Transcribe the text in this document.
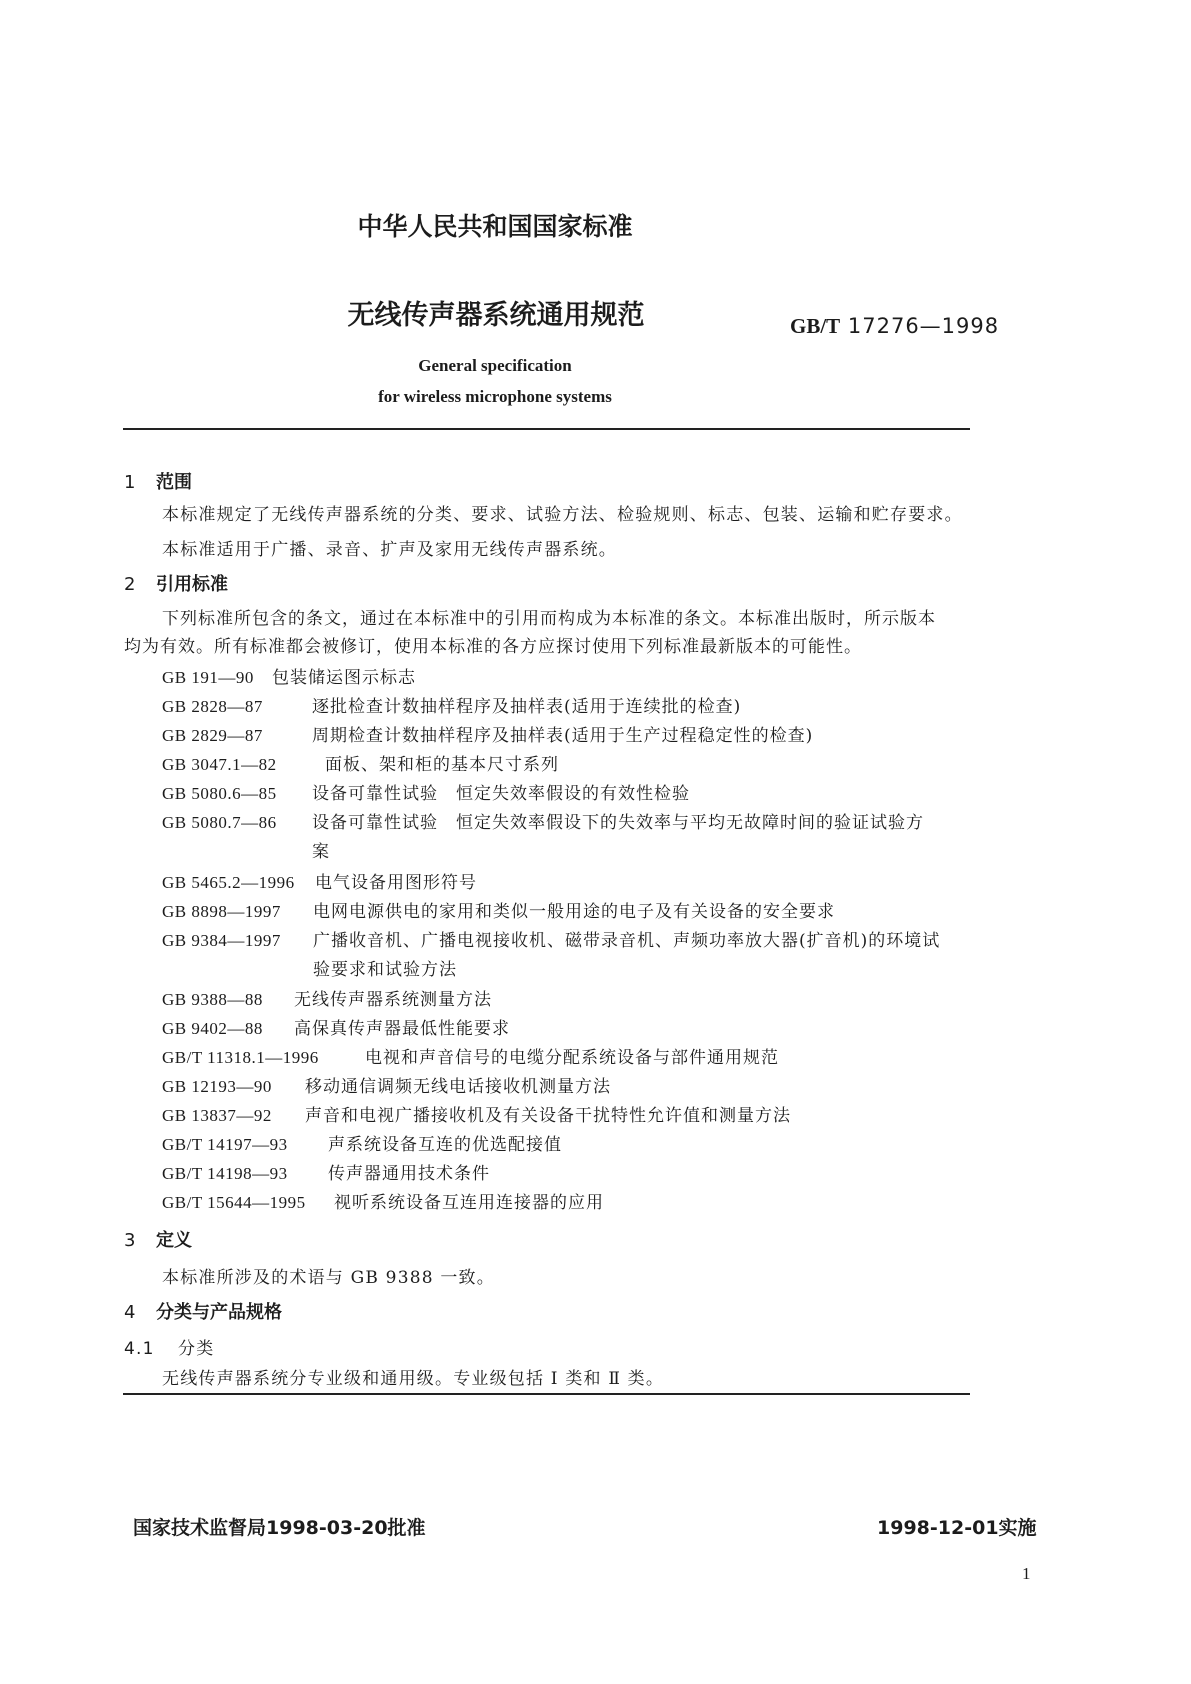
中华人民共和国国家标准
无线传声器系统通用规范	GB/T 17276—1998
General specification
for wireless microphone systems
1 范围
本标准规定了无线传声器系统的分类、要求、试验方法、检验规则、标志、包装、运输和贮存要求。
本标准适用于广播、录音、扩声及家用无线传声器系统。
2 引用标准
下列标准所包含的条文，通过在本标准中的引用而构成为本标准的条文。本标准出版时，所示版本
均为有效。所有标准都会被修订，使用本标准的各方应探讨使用下列标准最新版本的可能性。
GB 191—90 包装储运图示标志
GB 2828—87	逐批检查计数抽样程序及抽样表(适用于连续批的检查)
GB 2829—87	周期检查计数抽样程序及抽样表(适用于生产过程稳定性的检查)
GB 3047.1—82	面板、架和柜的基本尺寸系列
GB 5080.6—85 设备可靠性试验　恒定失效率假设的有效性检验
GB 5080.7—86 设备可靠性试验　恒定失效率假设下的失效率与平均无故障时间的验证试验方
案
GB 5465.2—1996 电气设备用图形符号
GB 8898—1997 电网电源供电的家用和类似一般用途的电子及有关设备的安全要求
GB 9384—1997 广播收音机、广播电视接收机、磁带录音机、声频功率放大器(扩音机)的环境试
验要求和试验方法
GB 9388—88 无线传声器系统测量方法
GB 9402—88 高保真传声器最低性能要求
GB/T 11318.1—1996	电视和声音信号的电缆分配系统设备与部件通用规范
GB 12193—90 移动通信调频无线电话接收机测量方法
GB 13837—92 声音和电视广播接收机及有关设备干扰特性允许值和测量方法
GB/T 14197—93 声系统设备互连的优选配接值
GB/T 14198—93 传声器通用技术条件
GB/T 15644—1995 视听系统设备互连用连接器的应用
3 定义
本标准所涉及的术语与 GB 9388 一致。
4 分类与产品规格
4.1 分类
无线传声器系统分专业级和通用级。专业级包括 Ⅰ 类和 Ⅱ 类。
国家技术监督局1998-03-20批准	1998-12-01实施
1
